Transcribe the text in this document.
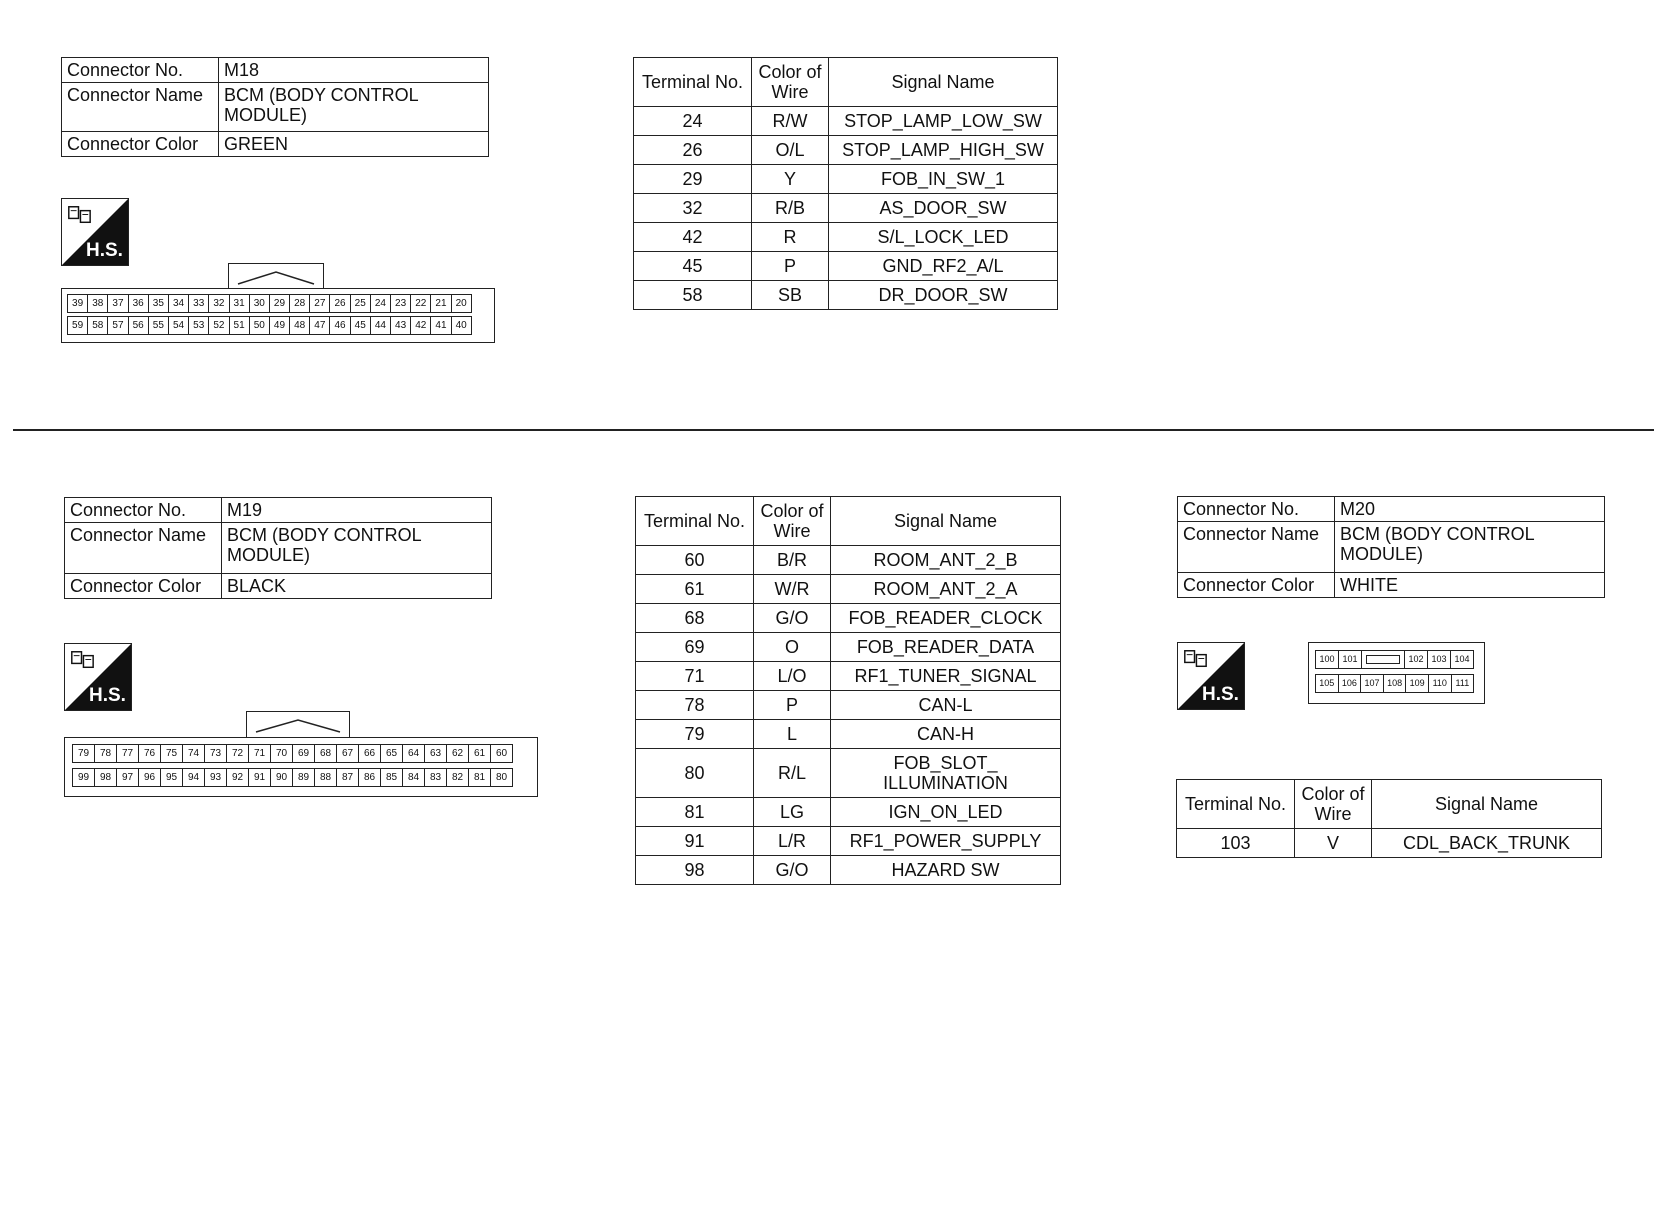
Connector No.	M18
Connector Name	BCM (BODY CONTROL MODULE)
Connector Color	GREEN
H.S.
39 38 37 36 35 34 33 32 31 30 29 28 27 26 25 24 23 22 21 20
59 58 57 56 55 54 53 52 51 50 49 48 47 46 45 44 43 42 41 40
Terminal No.	Color of Wire	Signal Name
24	R/W	STOP_LAMP_LOW_SW
26	O/L	STOP_LAMP_HIGH_SW
29	Y	FOB_IN_SW_1
32	R/B	AS_DOOR_SW
42	R	S/L_LOCK_LED
45	P	GND_RF2_A/L
58	SB	DR_DOOR_SW
Connector No.	M19
Connector Name	BCM (BODY CONTROL MODULE)
Connector Color	BLACK
H.S.
79	78	77	76	75	74	73	72	71	70	69	68	67	66	65	64	63	62	61	60
99	98	97	96	95	94	93	92	91	90	89	88	87	86	85	84	83	82	81	80
Terminal No.	Color of Wire	Signal Name
60	B/R	ROOM_ANT_2_B
61	W/R	ROOM_ANT_2_A
68	G/O	FOB_READER_CLOCK
69	O	FOB_READER_DATA
71	L/O	RF1_TUNER_SIGNAL
78	P	CAN-L
79	L	CAN-H
80	R/L	FOB_SLOT_ ILLUMINATION
81	LG	IGN_ON_LED
91	L/R	RF1_POWER_SUPPLY
98	G/O	HAZARD SW
Connector No.	M20
Connector Name	BCM (BODY CONTROL MODULE)
Connector Color	WHITE
H.S.
100 101	102 103 104
105 106 107 108 109 110 111
Terminal No.	Color of Wire	Signal Name
103	V	CDL_BACK_TRUNK
